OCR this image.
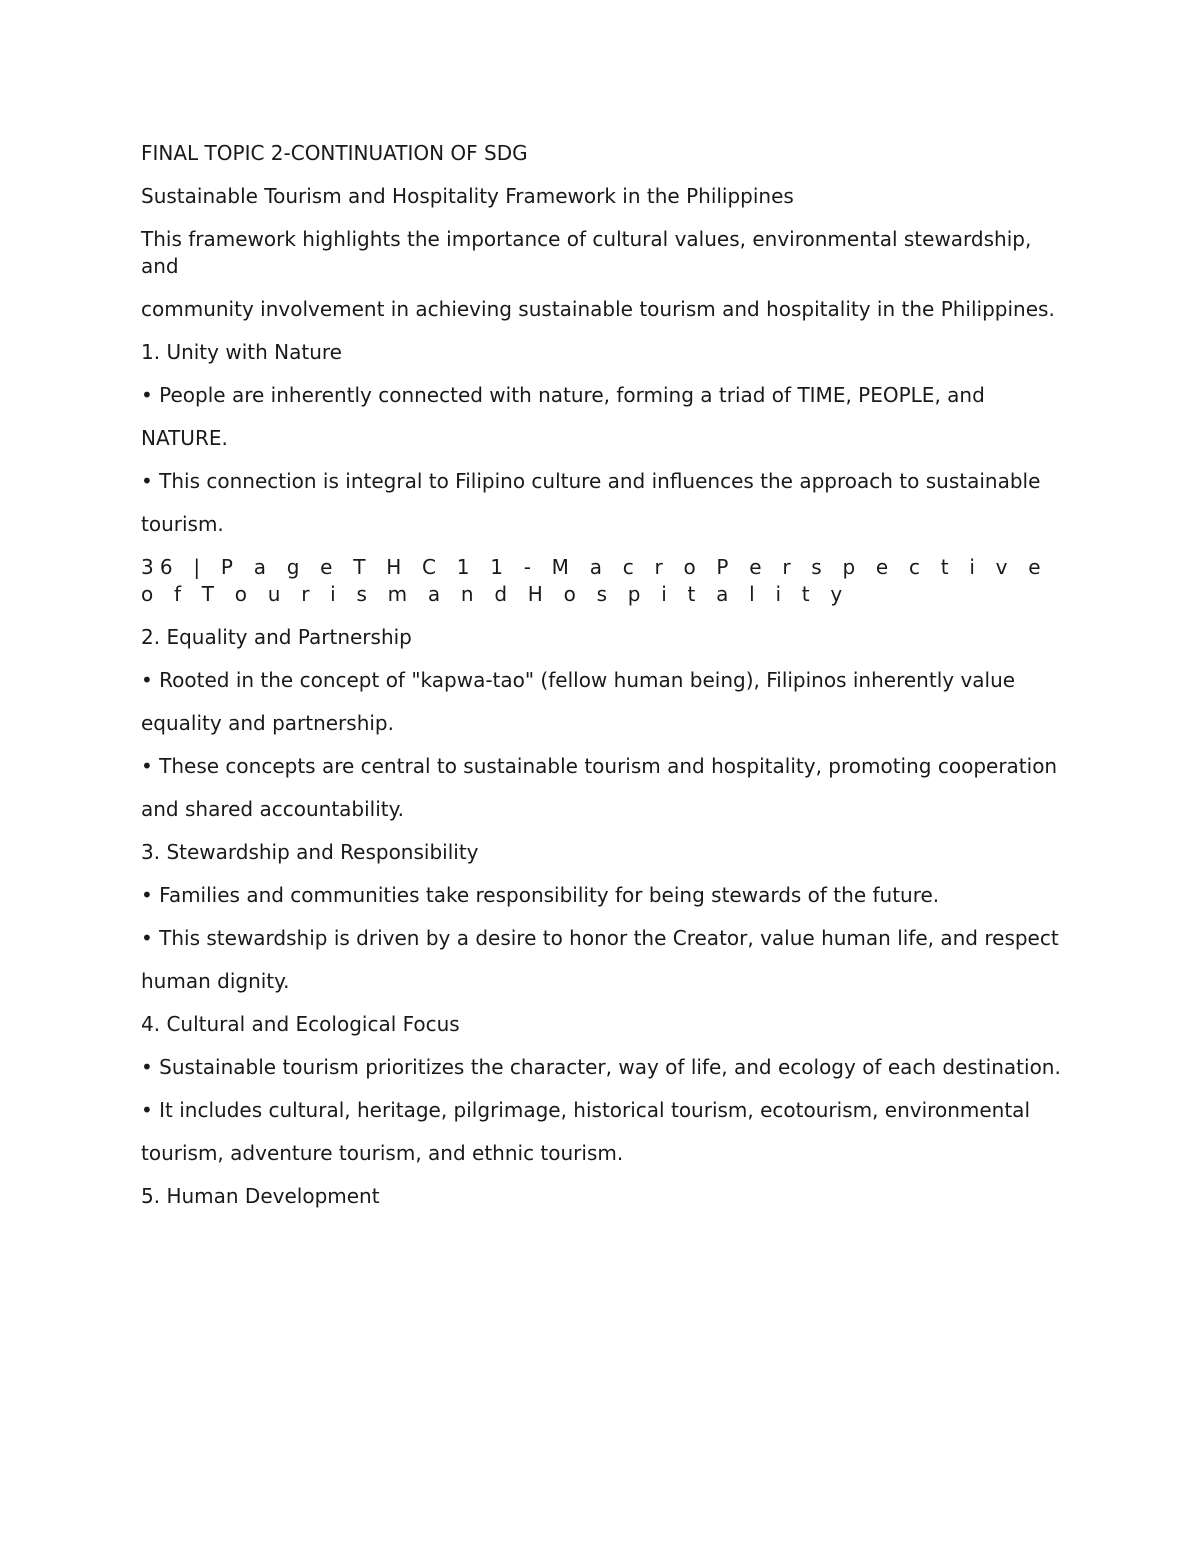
FINAL TOPIC 2-CONTINUATION OF SDG

Sustainable Tourism and Hospitality Framework in the Philippines

This framework highlights the importance of cultural values, environmental stewardship, and

community involvement in achieving sustainable tourism and hospitality in the Philippines.

1. Unity with Nature

• People are inherently connected with nature, forming a triad of TIME, PEOPLE, and

NATURE.

• This connection is integral to Filipino culture and influences the approach to sustainable

tourism.

36 | P a g e T H C 1 1 - M a c r o P e r s p e c t i v e o f T o u r i s m a n d H o s p i t a l i t y

2. Equality and Partnership

• Rooted in the concept of "kapwa-tao" (fellow human being), Filipinos inherently value

equality and partnership.

• These concepts are central to sustainable tourism and hospitality, promoting cooperation

and shared accountability.

3. Stewardship and Responsibility

• Families and communities take responsibility for being stewards of the future.

• This stewardship is driven by a desire to honor the Creator, value human life, and respect

human dignity.

4. Cultural and Ecological Focus

• Sustainable tourism prioritizes the character, way of life, and ecology of each destination.

• It includes cultural, heritage, pilgrimage, historical tourism, ecotourism, environmental

tourism, adventure tourism, and ethnic tourism.

5. Human Development
